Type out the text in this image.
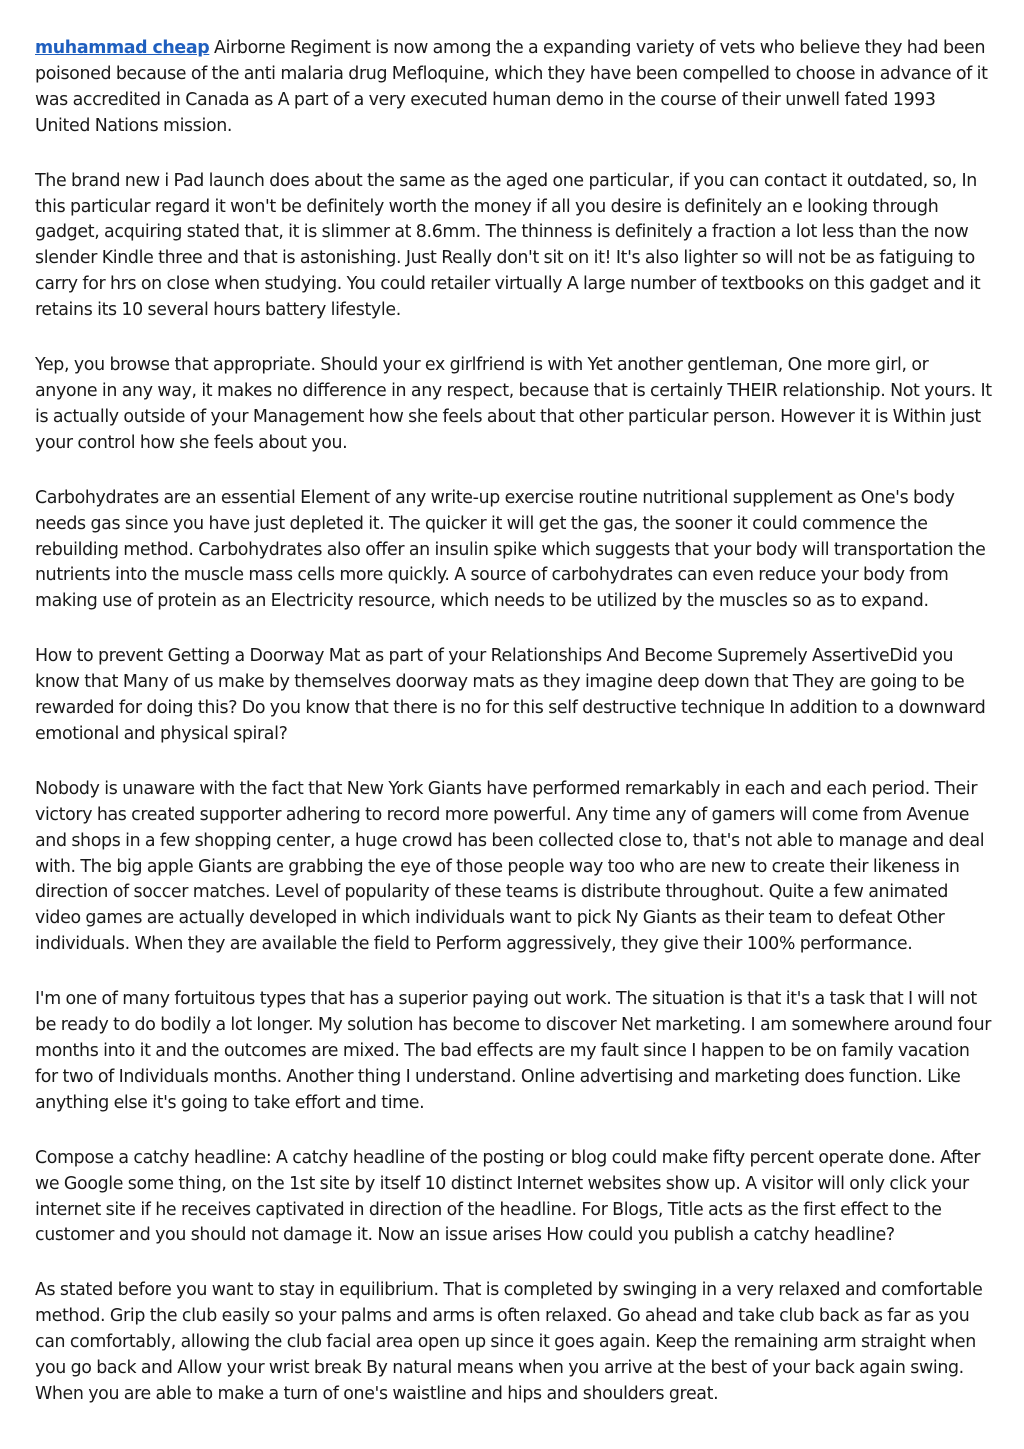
muhammad cheap Airborne Regiment is now among the a expanding variety of vets who believe they had been poisoned because of the anti malaria drug Mefloquine, which they have been compelled to choose in advance of it was accredited in Canada as A part of a very executed human demo in the course of their unwell fated 1993 United Nations mission.

The brand new i Pad launch does about the same as the aged one particular, if you can contact it outdated, so, In this particular regard it won't be definitely worth the money if all you desire is definitely an e looking through gadget, acquiring stated that, it is slimmer at 8.6mm. The thinness is definitely a fraction a lot less than the now slender Kindle three and that is astonishing. Just Really don't sit on it! It's also lighter so will not be as fatiguing to carry for hrs on close when studying. You could retailer virtually A large number of textbooks on this gadget and it retains its 10 several hours battery lifestyle.

Yep, you browse that appropriate. Should your ex girlfriend is with Yet another gentleman, One more girl, or anyone in any way, it makes no difference in any respect, because that is certainly THEIR relationship. Not yours. It is actually outside of your Management how she feels about that other particular person. However it is Within just your control how she feels about you.

Carbohydrates are an essential Element of any write-up exercise routine nutritional supplement as One's body needs gas since you have just depleted it. The quicker it will get the gas, the sooner it could commence the rebuilding method. Carbohydrates also offer an insulin spike which suggests that your body will transportation the nutrients into the muscle mass cells more quickly. A source of carbohydrates can even reduce your body from making use of protein as an Electricity resource, which needs to be utilized by the muscles so as to expand.

How to prevent Getting a Doorway Mat as part of your Relationships And Become Supremely AssertiveDid you know that Many of us make by themselves doorway mats as they imagine deep down that They are going to be rewarded for doing this? Do you know that there is no for this self destructive technique In addition to a downward emotional and physical spiral?

Nobody is unaware with the fact that New York Giants have performed remarkably in each and each period. Their victory has created supporter adhering to record more powerful. Any time any of gamers will come from Avenue and shops in a few shopping center, a huge crowd has been collected close to, that's not able to manage and deal with. The big apple Giants are grabbing the eye of those people way too who are new to create their likeness in direction of soccer matches. Level of popularity of these teams is distribute throughout. Quite a few animated video games are actually developed in which individuals want to pick Ny Giants as their team to defeat Other individuals. When they are available the field to Perform aggressively, they give their 100% performance.

I'm one of many fortuitous types that has a superior paying out work. The situation is that it's a task that I will not be ready to do bodily a lot longer. My solution has become to discover Net marketing. I am somewhere around four months into it and the outcomes are mixed. The bad effects are my fault since I happen to be on family vacation for two of Individuals months. Another thing I understand. Online advertising and marketing does function. Like anything else it's going to take effort and time.

Compose a catchy headline: A catchy headline of the posting or blog could make fifty percent operate done. After we Google some thing, on the 1st site by itself 10 distinct Internet websites show up. A visitor will only click your internet site if he receives captivated in direction of the headline. For Blogs, Title acts as the first effect to the customer and you should not damage it. Now an issue arises How could you publish a catchy headline?

As stated before you want to stay in equilibrium. That is completed by swinging in a very relaxed and comfortable method. Grip the club easily so your palms and arms is often relaxed. Go ahead and take club back as far as you can comfortably, allowing the club facial area open up since it goes again. Keep the remaining arm straight when you go back and Allow your wrist break By natural means when you arrive at the best of your back again swing. When you are able to make a turn of one's waistline and hips and shoulders great.
